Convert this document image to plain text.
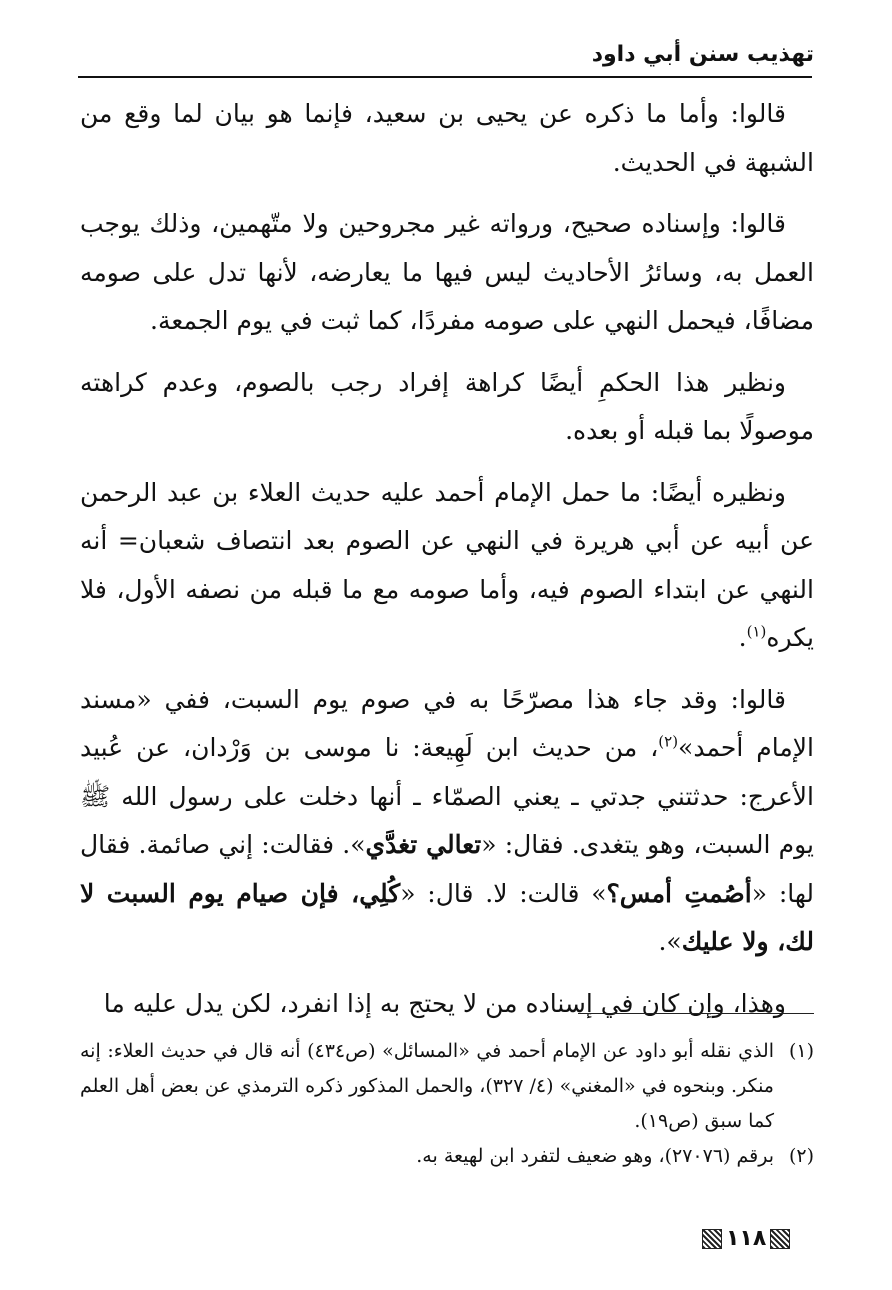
تهذيب سنن أبي داود

قالوا: وأما ما ذكره عن يحيى بن سعيد، فإنما هو بيان لما وقع من الشبهة في الحديث.

قالوا: وإسناده صحيح، ورواته غير مجروحين ولا متّهمين، وذلك يوجب العمل به، وسائرُ الأحاديث ليس فيها ما يعارضه، لأنها تدل على صومه مضافًا، فيحمل النهي على صومه مفردًا، كما ثبت في يوم الجمعة.

ونظير هذا الحكمِ أيضًا كراهة إفراد رجب بالصوم، وعدم كراهته موصولًا بما قبله أو بعده.

ونظيره أيضًا: ما حمل الإمام أحمد عليه حديث العلاء بن عبد الرحمن عن أبيه عن أبي هريرة في النهي عن الصوم بعد انتصاف شعبان= أنه النهي عن ابتداء الصوم فيه، وأما صومه مع ما قبله من نصفه الأول، فلا يكره$^{(١)}$.

قالوا: وقد جاء هذا مصرّحًا به في صوم يوم السبت، ففي «مسند الإمام أحمد»$^{(٢)}$، من حديث ابن لَهِيعة: نا موسى بن وَرْدان، عن عُبيد الأعرج: حدثتني جدتي ـ يعني الصمّاء ـ أنها دخلت على رسول الله ﷺ يوم السبت، وهو يتغدى. فقال: «تعالي تغدَّي». فقالت: إني صائمة. فقال لها: «أصُمتِ أمس؟» قالت: لا. قال: «كُلِي، فإن صيام يوم السبت لا لك، ولا عليك».

وهذا، وإن كان في إسناده من لا يحتج به إذا انفرد، لكن يدل عليه ما

(١)
الذي نقله أبو داود عن الإمام أحمد في «المسائل» (ص٤٣٤) أنه قال في حديث العلاء: إنه منكر. وبنحوه في «المغني» (٤/ ٣٢٧)، والحمل المذكور ذكره الترمذي عن بعض أهل العلم كما سبق (ص١٩).

(٢)
برقم (٢٧٠٧٦)، وهو ضعيف لتفرد ابن لهيعة به.

١١٨
